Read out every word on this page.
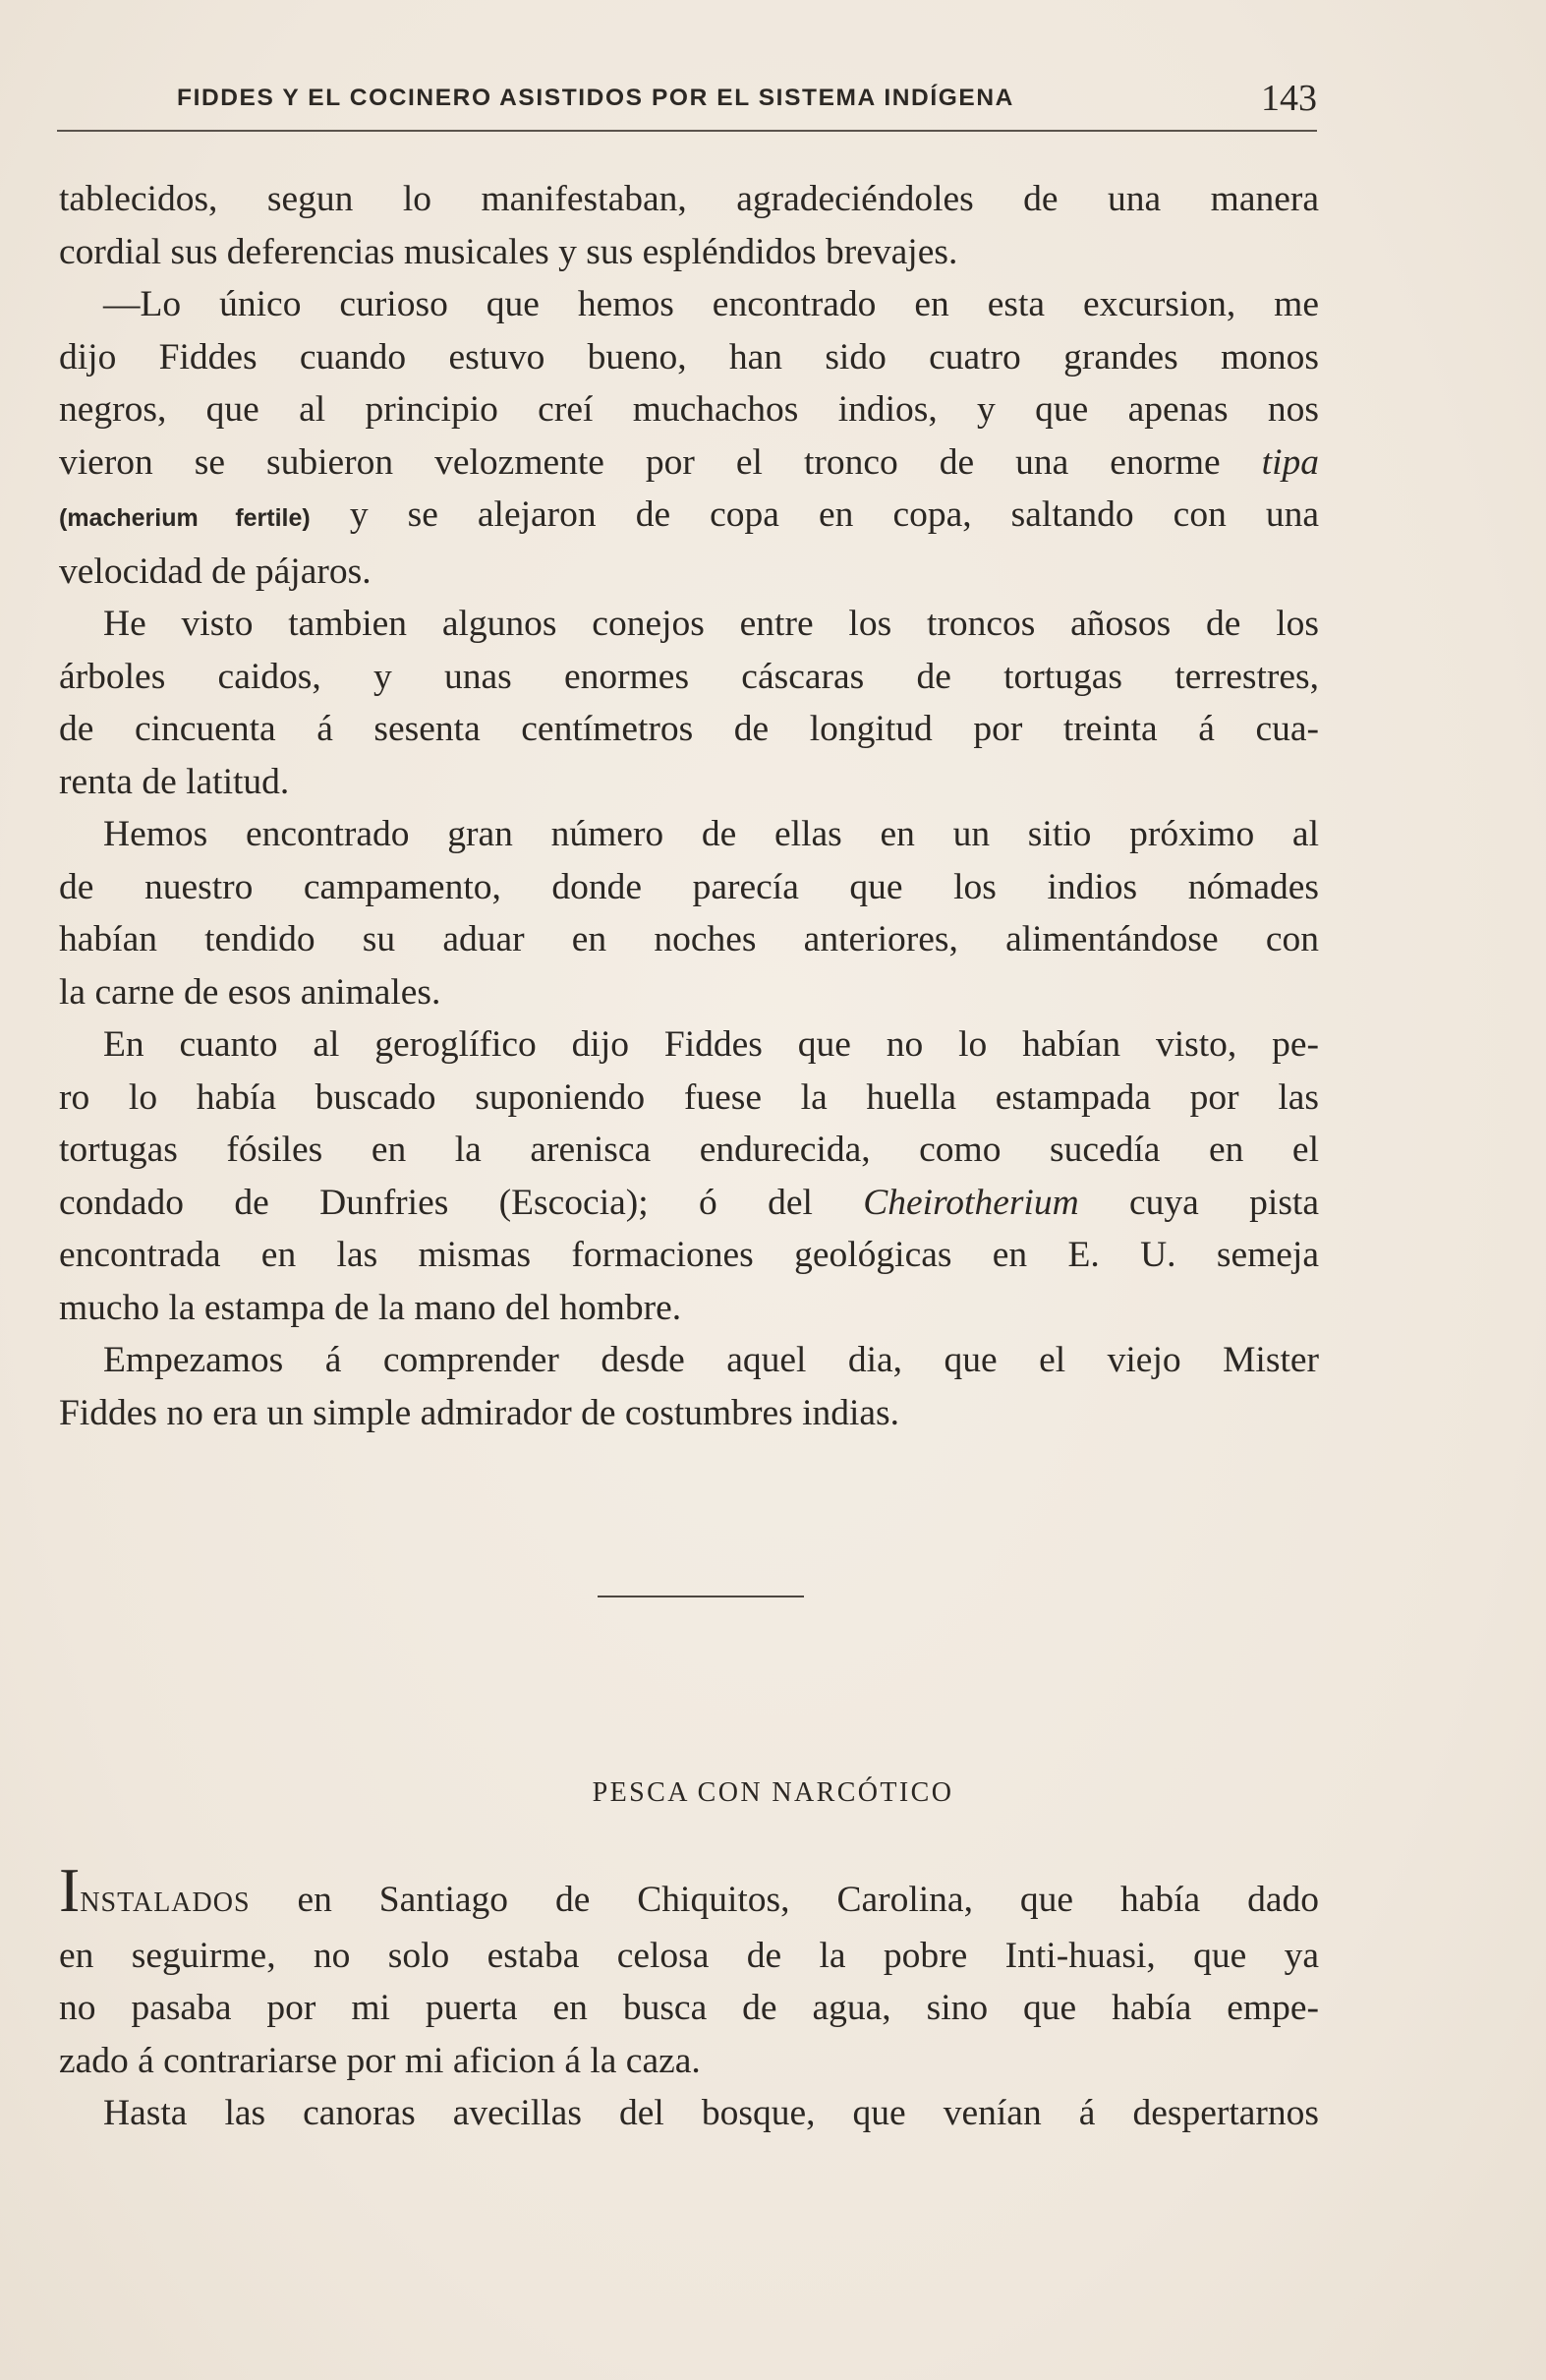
FIDDES Y EL COCINERO ASISTIDOS POR EL SISTEMA INDÍGENA	143
tablecidos, segun lo manifestaban, agradeciéndoles de una manera
cordial sus deferencias musicales y sus espléndidos brevajes.
—Lo único curioso que hemos encontrado en esta excursion, me
dijo Fiddes cuando estuvo bueno, han sido cuatro grandes monos
negros, que al principio creí muchachos indios, y que apenas nos
vieron se subieron velozmente por el tronco de una enorme tipa
(macherium fertile) y se alejaron de copa en copa, saltando con una
velocidad de pájaros.
He visto tambien algunos conejos entre los troncos añosos de los
árboles caidos, y unas enormes cáscaras de tortugas terrestres,
de cincuenta á sesenta centímetros de longitud por treinta á cua-
renta de latitud.
Hemos encontrado gran número de ellas en un sitio próximo al
de nuestro campamento, donde parecía que los indios nómades
habían tendido su aduar en noches anteriores, alimentándose con
la carne de esos animales.
En cuanto al geroglífico dijo Fiddes que no lo habían visto, pe-
ro lo había buscado suponiendo fuese la huella estampada por las
tortugas fósiles en la arenisca endurecida, como sucedía en el
condado de Dunfries (Escocia); ó del Cheirotherium cuya pista
encontrada en las mismas formaciones geológicas en E. U. semeja
mucho la estampa de la mano del hombre.
Empezamos á comprender desde aquel dia, que el viejo Mister
Fiddes no era un simple admirador de costumbres indias.
PESCA CON NARCÓTICO
INSTALADOS en Santiago de Chiquitos, Carolina, que había dado
en seguirme, no solo estaba celosa de la pobre Inti-huasi, que ya
no pasaba por mi puerta en busca de agua, sino que había empe-
zado á contrariarse por mi aficion á la caza.
Hasta las canoras avecillas del bosque, que venían á despertarnos
